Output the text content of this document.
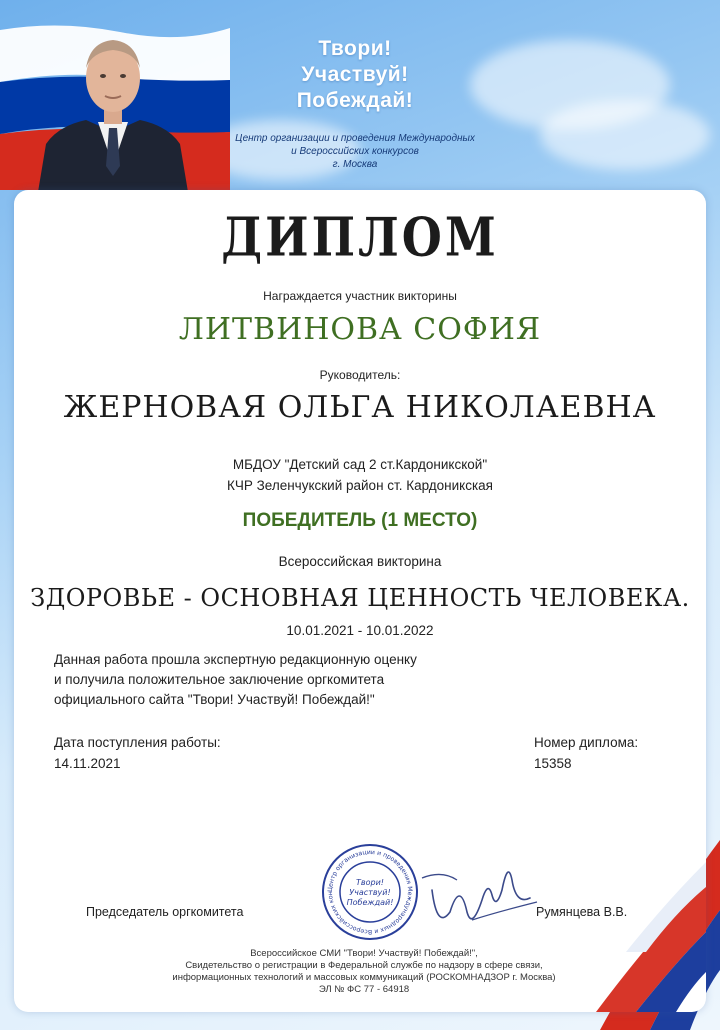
Твори!
Участвуй!
Побеждай!
Центр организации и проведения Международных
и Всероссийских конкурсов
г. Москва
ДИПЛОМ
Награждается участник викторины
ЛИТВИНОВА СОФИЯ
Руководитель:
ЖЕРНОВАЯ ОЛЬГА НИКОЛАЕВНА
МБДОУ "Детский сад 2 ст.Кардоникской"
КЧР Зеленчукский район ст. Кардоникская
ПОБЕДИТЕЛЬ (1 МЕСТО)
Всероссийская викторина
ЗДОРОВЬЕ - ОСНОВНАЯ ЦЕННОСТЬ ЧЕЛОВЕКА.
10.01.2021 - 10.01.2022
Данная работа прошла экспертную редакционную оценку
и получила положительное заключение оргкомитета
официального сайта "Твори! Участвуй! Побеждай!"
Дата поступления работы:
14.11.2021
Номер диплома:
15358
Председатель оргкомитета	Румянцева В.В.
Центр организации и проведения Международных и Всероссийских кон
Твори!
Участвуй!
Побеждай!
Всероссийское СМИ "Твори! Участвуй! Побеждай!",
Свидетельство о регистрации в Федеральной службе по надзору в сфере связи,
информационных технологий и массовых коммуникаций (РОСКОМНАДЗОР г. Москва)
ЭЛ № ФС 77 - 64918
